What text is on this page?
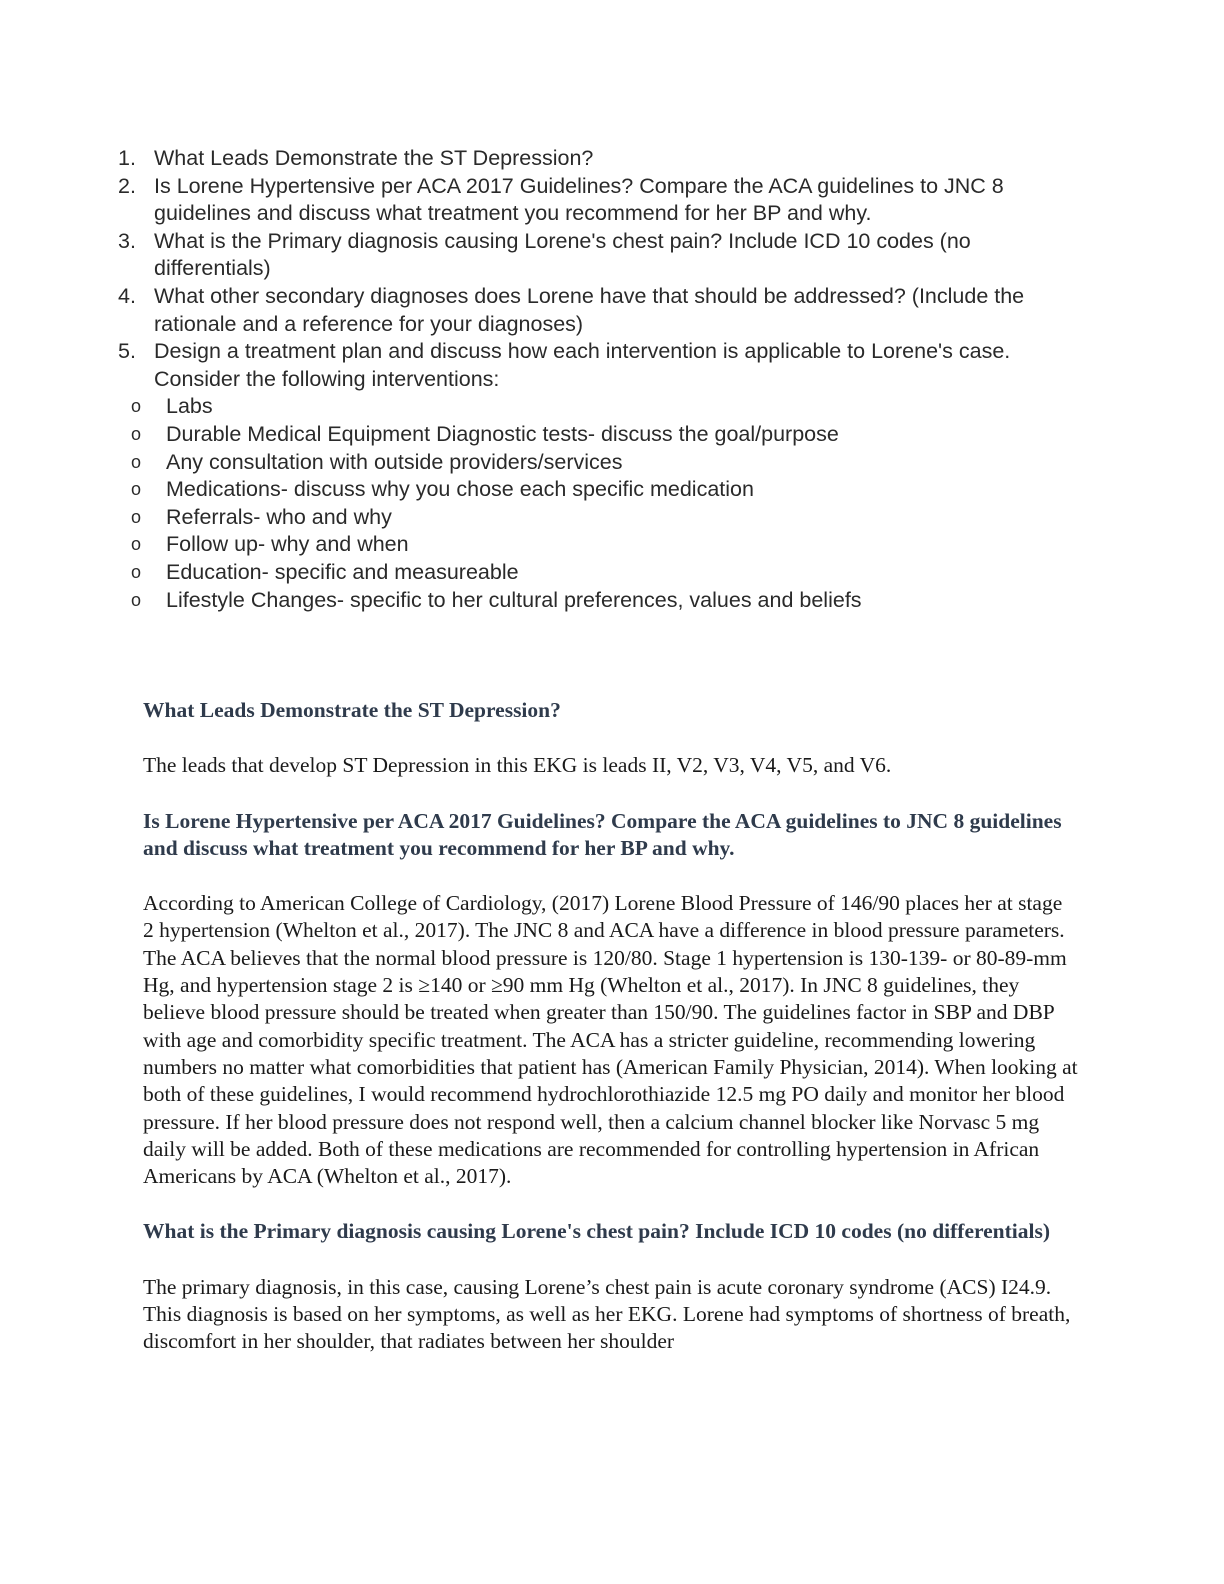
1. What Leads Demonstrate the ST Depression?
2. Is Lorene Hypertensive per ACA 2017 Guidelines? Compare the ACA guidelines to JNC 8 guidelines and discuss what treatment you recommend for her BP and why.
3. What is the Primary diagnosis causing Lorene's chest pain? Include ICD 10 codes (no differentials)
4. What other secondary diagnoses does Lorene have that should be addressed? (Include the rationale and a reference for your diagnoses)
5. Design a treatment plan and discuss how each intervention is applicable to Lorene's case. Consider the following interventions:
o	Labs
o	Durable Medical Equipment Diagnostic tests- discuss the goal/purpose
o	Any consultation with outside providers/services
o	Medications- discuss why you chose each specific medication
o	Referrals- who and why
o	Follow up- why and when
o	Education- specific and measureable
o	Lifestyle Changes- specific to her cultural preferences, values and beliefs

What Leads Demonstrate the ST Depression?

The leads that develop ST Depression in this EKG is leads II, V2, V3, V4, V5, and V6.

Is Lorene Hypertensive per ACA 2017 Guidelines? Compare the ACA guidelines to JNC 8 guidelines and discuss what treatment you recommend for her BP and why.

According to American College of Cardiology, (2017) Lorene Blood Pressure of 146/90 places her at stage 2 hypertension (Whelton et al., 2017). The JNC 8 and ACA have a difference in blood pressure parameters. The ACA believes that the normal blood pressure is 120/80. Stage 1 hypertension is 130-139- or 80-89-mm Hg, and hypertension stage 2 is ≥140 or ≥90 mm Hg (Whelton et al., 2017). In JNC 8 guidelines, they believe blood pressure should be treated when greater than 150/90. The guidelines factor in SBP and DBP with age and comorbidity specific treatment. The ACA has a stricter guideline, recommending lowering numbers no matter what comorbidities that patient has (American Family Physician, 2014). When looking at both of these guidelines, I would recommend hydrochlorothiazide 12.5 mg PO daily and monitor her blood pressure. If her blood pressure does not respond well, then a calcium channel blocker like Norvasc 5 mg daily will be added. Both of these medications are recommended for controlling hypertension in African Americans by ACA (Whelton et al., 2017).

What is the Primary diagnosis causing Lorene's chest pain? Include ICD 10 codes (no differentials)

The primary diagnosis, in this case, causing Lorene’s chest pain is acute coronary syndrome (ACS) I24.9. This diagnosis is based on her symptoms, as well as her EKG. Lorene had symptoms of shortness of breath, discomfort in her shoulder, that radiates between her shoulder
